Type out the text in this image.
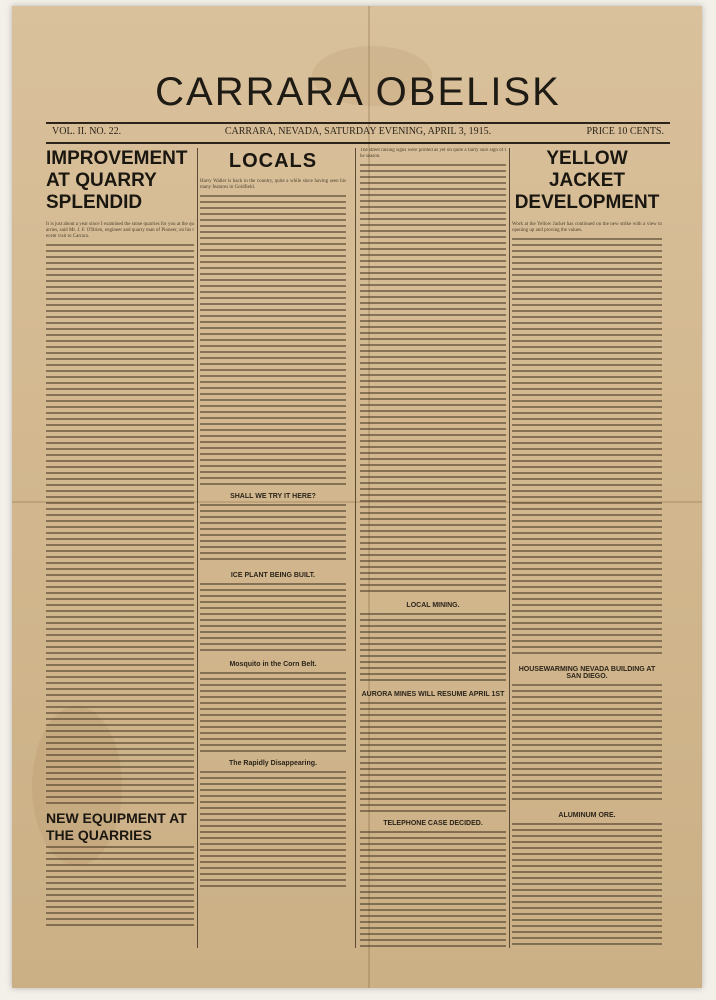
CARRARA OBELISK
VOL. II. NO. 22.	CARRARA, NEVADA, SATURDAY EVENING, APRIL 3, 1915.	PRICE 10 CENTS.
IMPROVEMENT AT QUARRY SPLENDID
It is just about a year since I examined the stone quarries for you at the quarries, said Mr. J. F. O'Brien, engineer and quarry man of Pioneer, on his recent visit to Carrara.
NEW EQUIPMENT AT THE QUARRIES
LOCALS
Harry Waller is back in the country, quite a while since having seen his many features in Goldfield.
SHALL WE TRY IT HERE?
ICE PLANT BEING BUILT.
Mosquito in the Corn Belt.
The Rapidly Disappearing.
The street raising signs were printed as yet on quite a fairly sure sign of the season.
LOCAL MINING.
AURORA MINES WILL RESUME APRIL 1ST
TELEPHONE CASE DECIDED.
YELLOW JACKET DEVELOPMENT
Work at the Yellow Jacket has continued on the new strike with a view to opening up and proving the values.
HOUSEWARMING NEVADA BUILDING AT SAN DIEGO.
ALUMINUM ORE.
